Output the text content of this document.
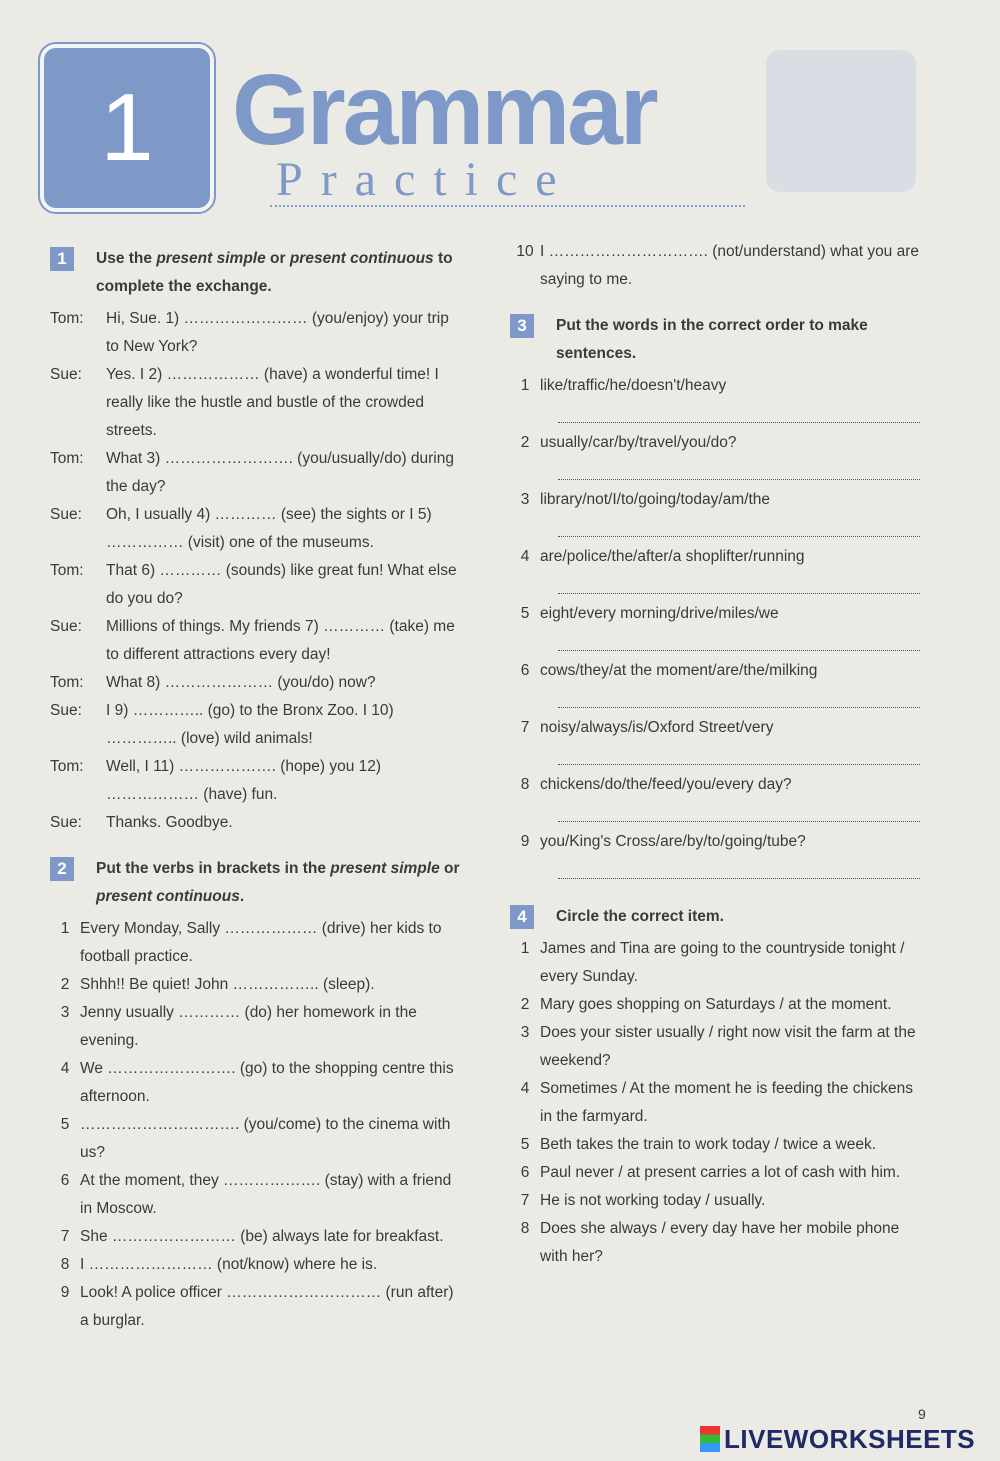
1 Grammar
Practice
1	Use the present simple or present continuous to complete the exchange.
Tom:	Hi, Sue. 1) …………………… (you/enjoy) your trip to New York?
Sue:	Yes. I 2) ……………… (have) a wonderful time! I really like the hustle and bustle of the crowded streets.
Tom:	What 3) ……………………. (you/usually/do) during the day?
Sue:	Oh, I usually 4) ………… (see) the sights or I 5) …………… (visit) one of the museums.
Tom:	That 6) ………… (sounds) like great fun! What else do you do?
Sue:	Millions of things. My friends 7) ………… (take) me to different attractions every day!
Tom:	What 8) ………………… (you/do) now?
Sue:	I 9) ………….. (go) to the Bronx Zoo. I 10) ………….. (love) wild animals!
Tom:	Well, I 11) ………………. (hope) you 12) ……………… (have) fun.
Sue:	Thanks. Goodbye.
2	Put the verbs in brackets in the present simple or present continuous.
1 Every Monday, Sally ……………… (drive) her kids to football practice.
2 Shhh!! Be quiet! John …………….. (sleep).
3 Jenny usually ………… (do) her homework in the evening.
4 We ……………………. (go) to the shopping centre this afternoon.
5 …………………………. (you/come) to the cinema with us?
6 At the moment, they ………………. (stay) with a friend in Moscow.
7 She …………………… (be) always late for breakfast.
8 I …………………… (not/know) where he is.
9 Look! A police officer ………………………… (run after) a burglar.
10 I …………………………. (not/understand) what you are saying to me.
3	Put the words in the correct order to make sentences.
1 like/traffic/he/doesn't/heavy
2 usually/car/by/travel/you/do?
3 library/not/I/to/going/today/am/the
4 are/police/the/after/a shoplifter/running
5 eight/every morning/drive/miles/we
6 cows/they/at the moment/are/the/milking
7 noisy/always/is/Oxford Street/very
8 chickens/do/the/feed/you/every day?
9 you/King's Cross/are/by/to/going/tube?
4	Circle the correct item.
1 James and Tina are going to the countryside tonight / every Sunday.
2 Mary goes shopping on Saturdays / at the moment.
3 Does your sister usually / right now visit the farm at the weekend?
4 Sometimes / At the moment he is feeding the chickens in the farmyard.
5 Beth takes the train to work today / twice a week.
6 Paul never / at present carries a lot of cash with him.
7 He is not working today / usually.
8 Does she always / every day have her mobile phone with her?
9
LIVEWORKSHEETS
